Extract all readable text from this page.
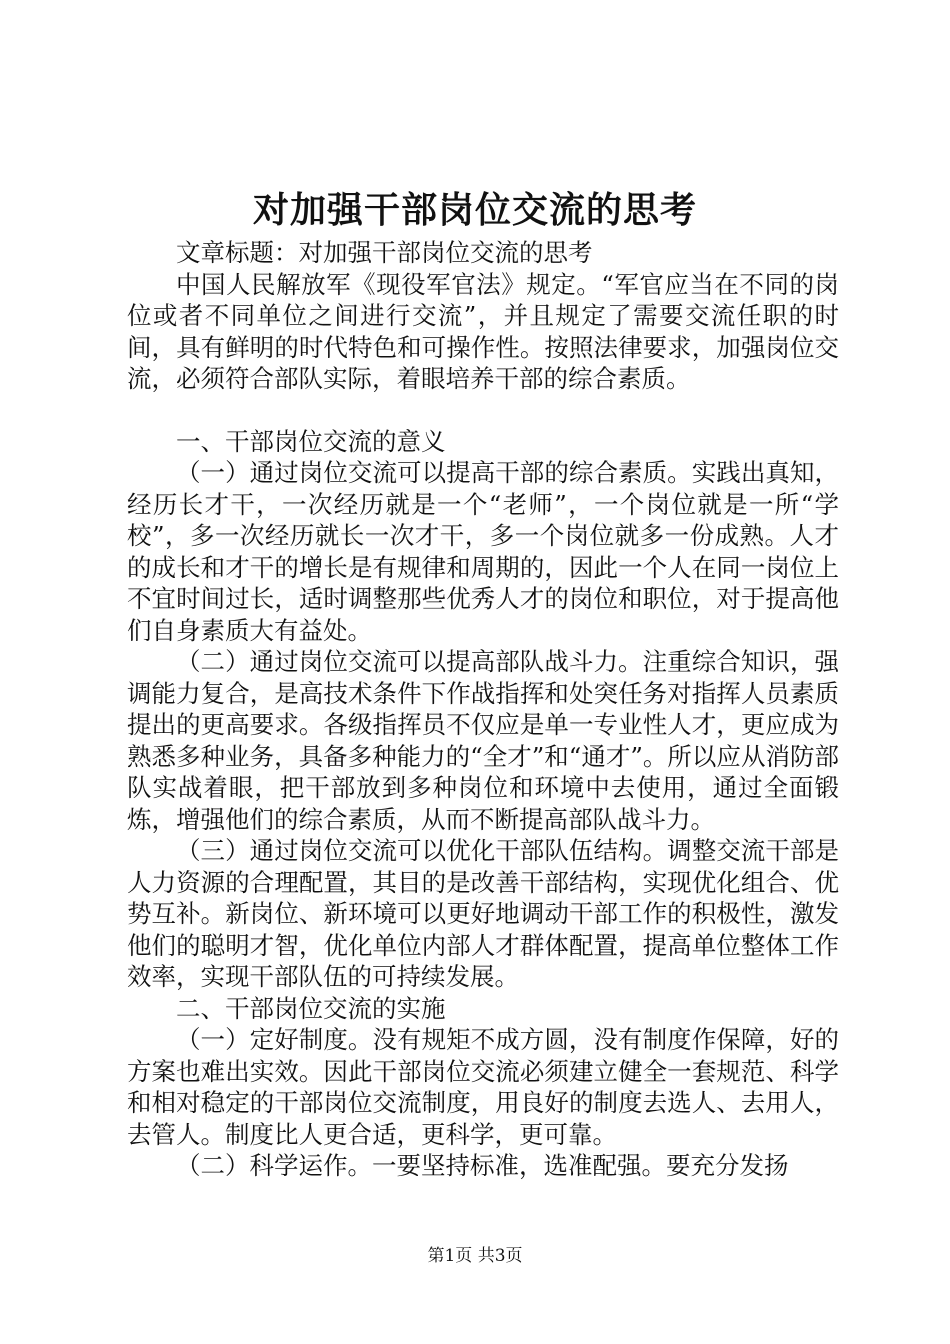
对加强干部岗位交流的思考

文章标题：对加强干部岗位交流的思考

中国人民解放军《现役军官法》规定。“军官应当在不同的岗位或者不同单位之间进行交流”，并且规定了需要交流任职的时间，具有鲜明的时代特色和可操作性。按照法律要求，加强岗位交流，必须符合部队实际，着眼培养干部的综合素质。

一、干部岗位交流的意义

（一）通过岗位交流可以提高干部的综合素质。实践出真知，经历长才干，一次经历就是一个“老师”，一个岗位就是一所“学校”，多一次经历就长一次才干，多一个岗位就多一份成熟。人才的成长和才干的增长是有规律和周期的，因此一个人在同一岗位上不宜时间过长，适时调整那些优秀人才的岗位和职位，对于提高他们自身素质大有益处。

（二）通过岗位交流可以提高部队战斗力。注重综合知识，强调能力复合，是高技术条件下作战指挥和处突任务对指挥人员素质提出的更高要求。各级指挥员不仅应是单一专业性人才，更应成为熟悉多种业务，具备多种能力的“全才”和“通才”。所以应从消防部队实战着眼，把干部放到多种岗位和环境中去使用，通过全面锻炼，增强他们的综合素质，从而不断提高部队战斗力。

（三）通过岗位交流可以优化干部队伍结构。调整交流干部是人力资源的合理配置，其目的是改善干部结构，实现优化组合、优势互补。新岗位、新环境可以更好地调动干部工作的积极性，激发他们的聪明才智，优化单位内部人才群体配置，提高单位整体工作效率，实现干部队伍的可持续发展。

二、干部岗位交流的实施

（一）定好制度。没有规矩不成方圆，没有制度作保障，好的方案也难出实效。因此干部岗位交流必须建立健全一套规范、科学和相对稳定的干部岗位交流制度，用良好的制度去选人、去用人，去管人。制度比人更合适，更科学，更可靠。

（二）科学运作。一要坚持标准，选准配强。要充分发扬

第1页 共3页
